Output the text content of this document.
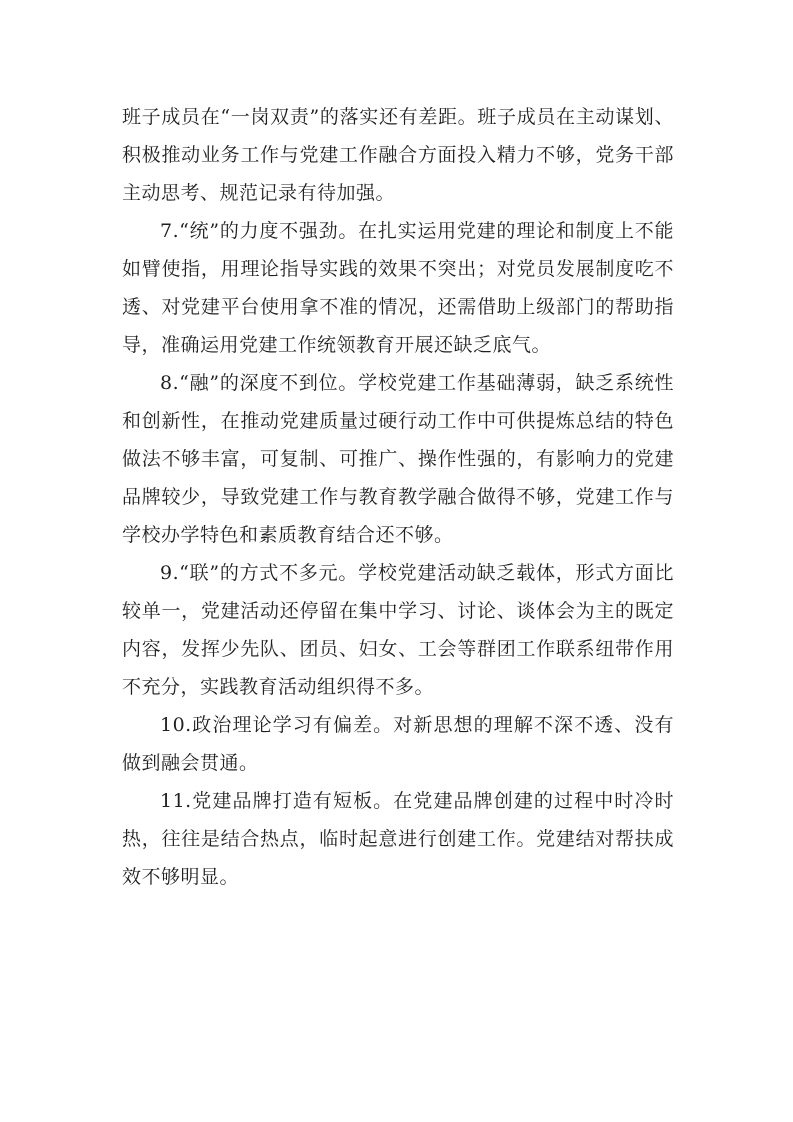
班子成员在“一岗双责”的落实还有差距。班子成员在主动谋划、积极推动业务工作与党建工作融合方面投入精力不够，党务干部主动思考、规范记录有待加强。

7.“统”的力度不强劲。在扎实运用党建的理论和制度上不能如臂使指，用理论指导实践的效果不突出；对党员发展制度吃不透、对党建平台使用拿不准的情况，还需借助上级部门的帮助指导，准确运用党建工作统领教育开展还缺乏底气。

8.“融”的深度不到位。学校党建工作基础薄弱，缺乏系统性和创新性，在推动党建质量过硬行动工作中可供提炼总结的特色做法不够丰富，可复制、可推广、操作性强的，有影响力的党建品牌较少，导致党建工作与教育教学融合做得不够，党建工作与学校办学特色和素质教育结合还不够。

9.“联”的方式不多元。学校党建活动缺乏载体，形式方面比较单一，党建活动还停留在集中学习、讨论、谈体会为主的既定内容，发挥少先队、团员、妇女、工会等群团工作联系纽带作用不充分，实践教育活动组织得不多。

10.政治理论学习有偏差。对新思想的理解不深不透、没有做到融会贯通。

11.党建品牌打造有短板。在党建品牌创建的过程中时冷时热，往往是结合热点，临时起意进行创建工作。党建结对帮扶成效不够明显。
